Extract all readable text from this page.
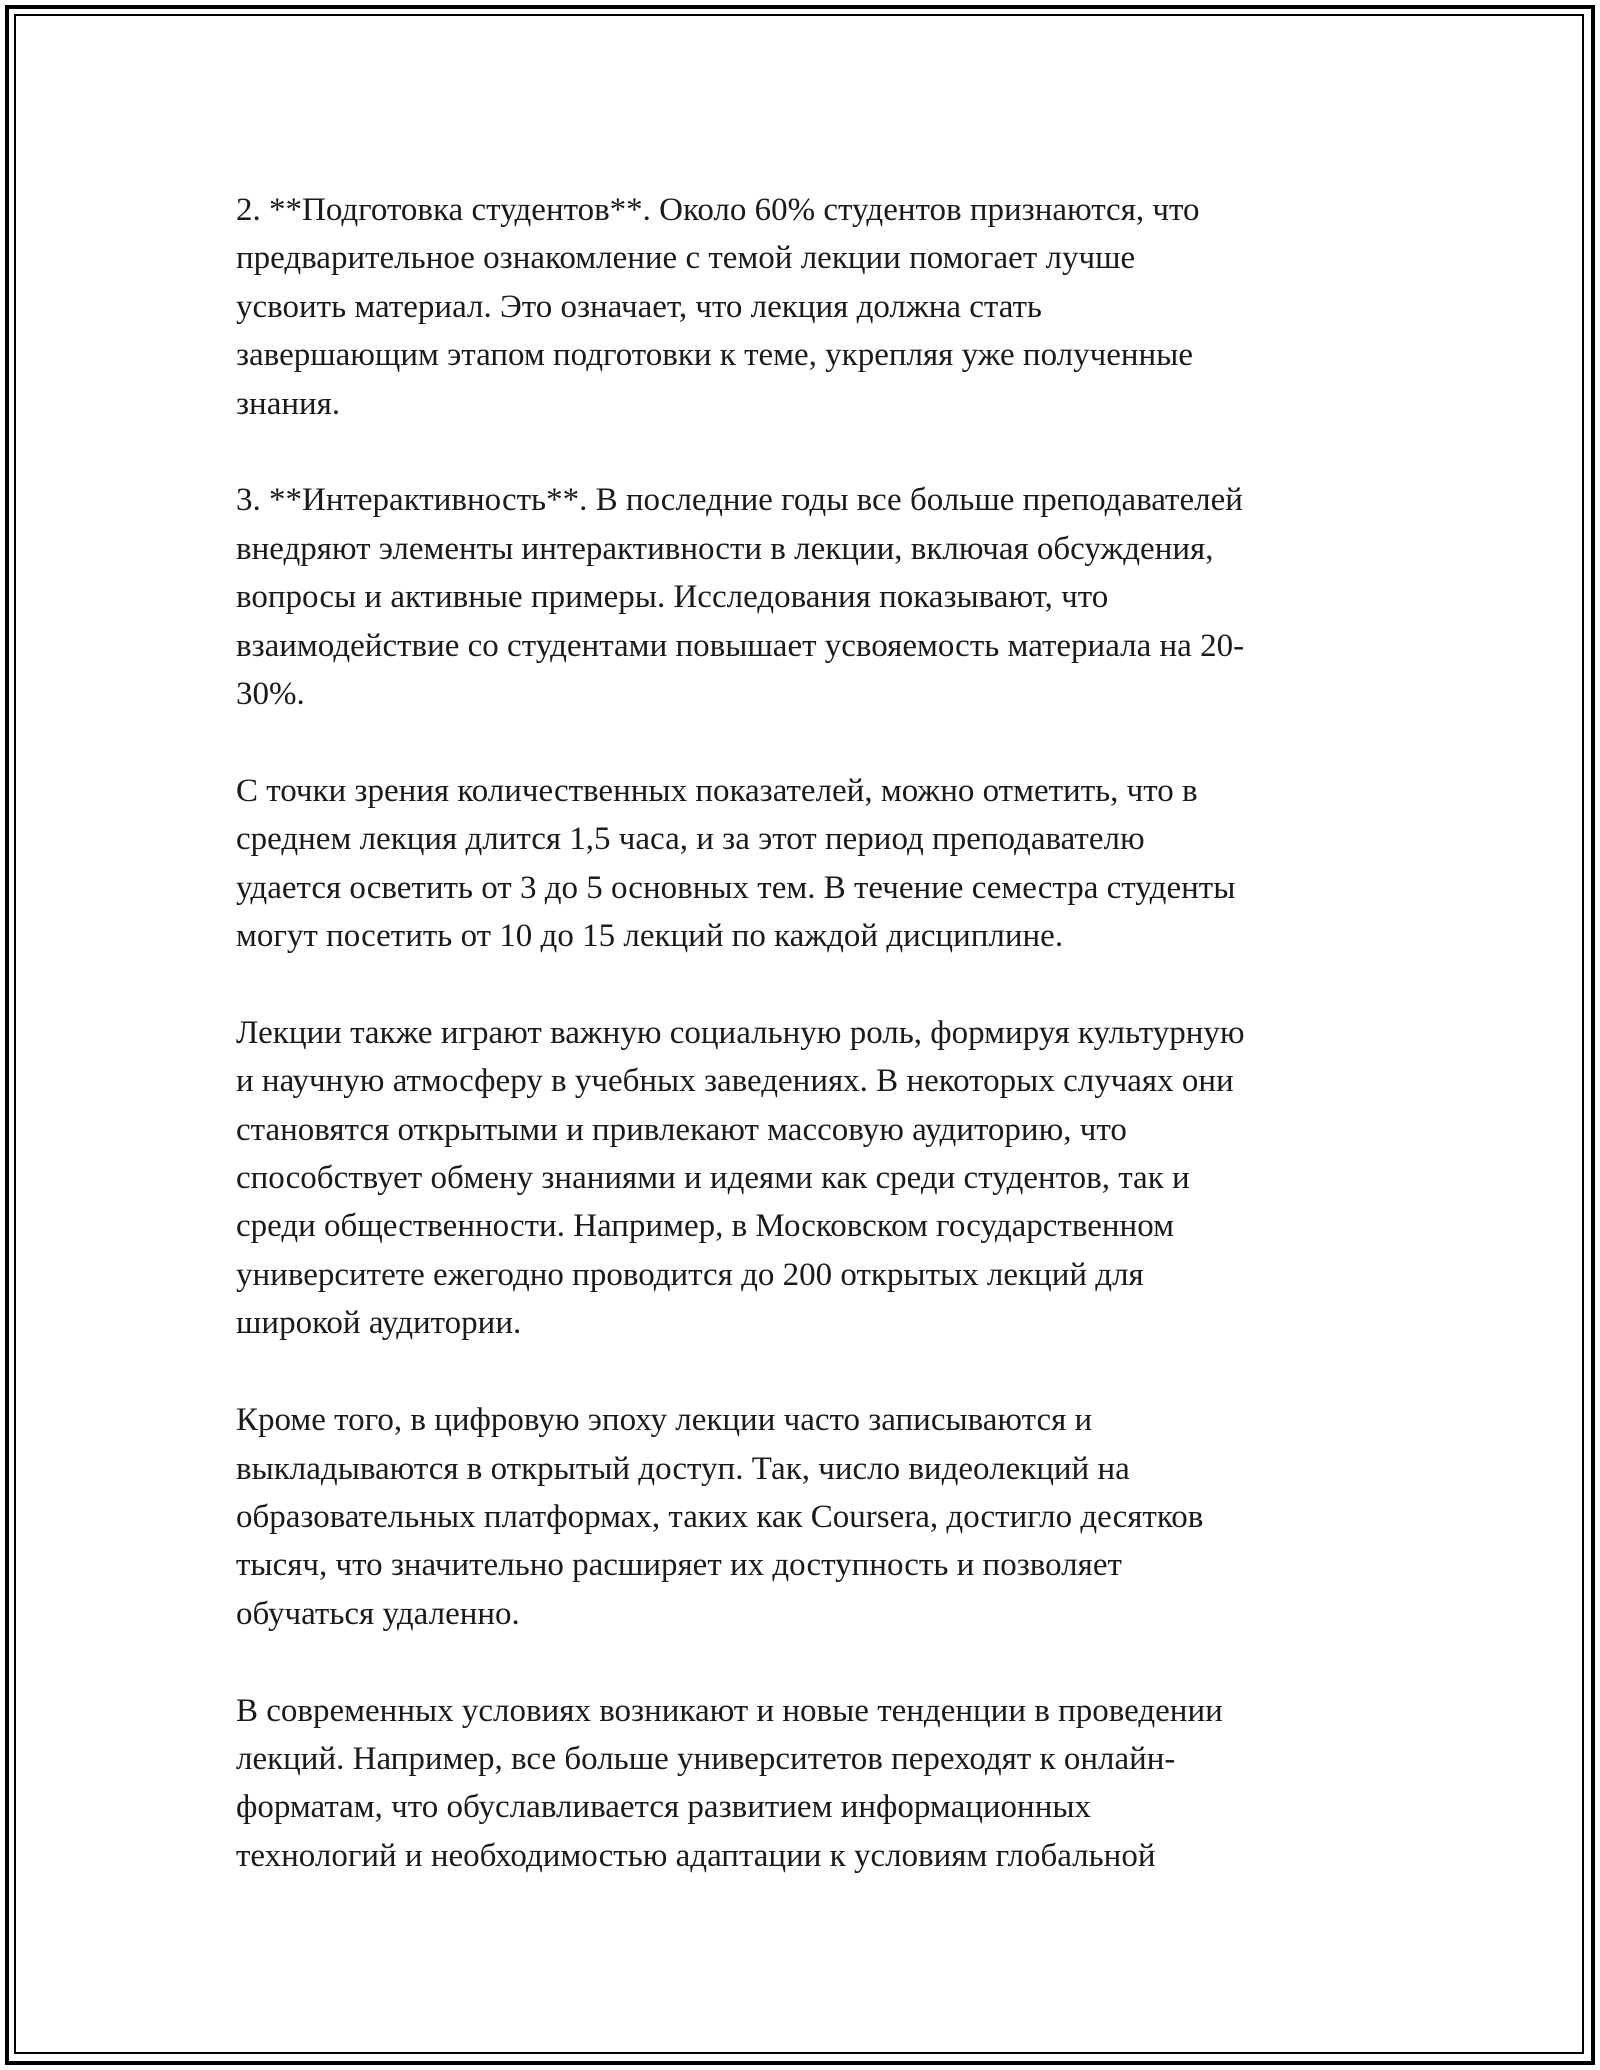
2. **Подготовка студентов**. Около 60% студентов признаются, что
предварительное ознакомление с темой лекции помогает лучше
усвоить материал. Это означает, что лекция должна стать
завершающим этапом подготовки к теме, укрепляя уже полученные
знания.

3. **Интерактивность**. В последние годы все больше преподавателей
внедряют элементы интерактивности в лекции, включая обсуждения,
вопросы и активные примеры. Исследования показывают, что
взаимодействие со студентами повышает усвояемость материала на 20-
30%.

С точки зрения количественных показателей, можно отметить, что в
среднем лекция длится 1,5 часа, и за этот период преподавателю
удается осветить от 3 до 5 основных тем. В течение семестра студенты
могут посетить от 10 до 15 лекций по каждой дисциплине.

Лекции также играют важную социальную роль, формируя культурную
и научную атмосферу в учебных заведениях. В некоторых случаях они
становятся открытыми и привлекают массовую аудиторию, что
способствует обмену знаниями и идеями как среди студентов, так и
среди общественности. Например, в Московском государственном
университете ежегодно проводится до 200 открытых лекций для
широкой аудитории.

Кроме того, в цифровую эпоху лекции часто записываются и
выкладываются в открытый доступ. Так, число видеолекций на
образовательных платформах, таких как Coursera, достигло десятков
тысяч, что значительно расширяет их доступность и позволяет
обучаться удаленно.

В современных условиях возникают и новые тенденции в проведении
лекций. Например, все больше университетов переходят к онлайн-
форматам, что обуславливается развитием информационных
технологий и необходимостью адаптации к условиям глобальной
